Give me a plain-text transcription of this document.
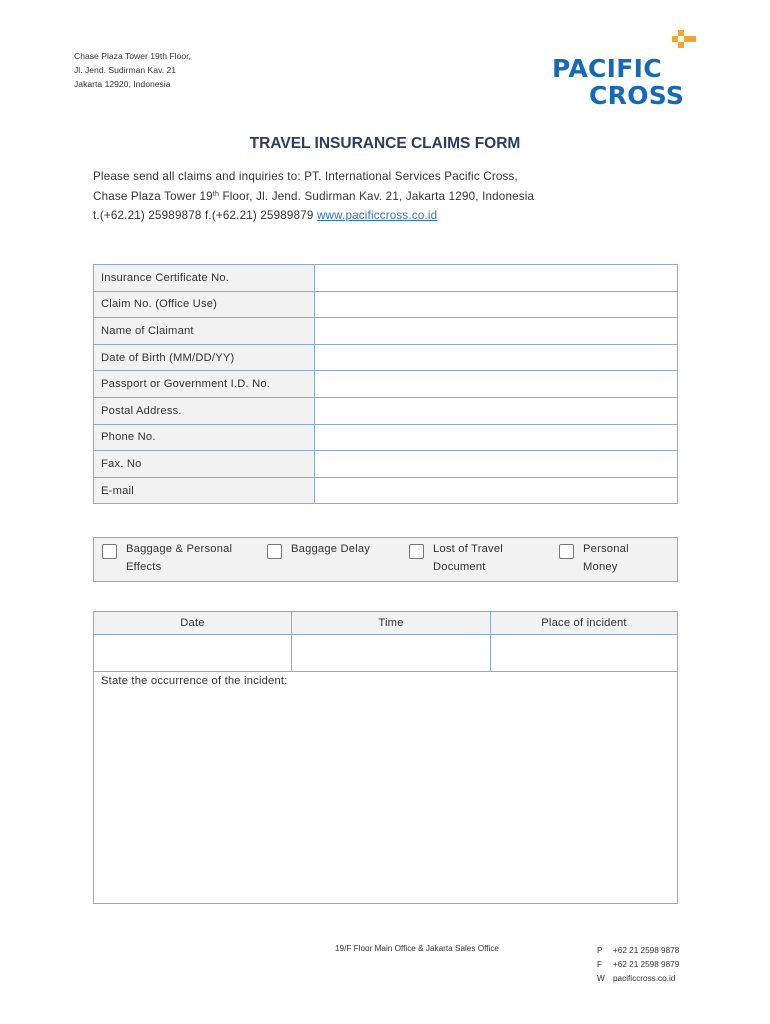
Chase Plaza Tower 19th Floor,
Jl. Jend. Sudirman Kav. 21
Jakarta 12920, Indonesia
PACIFIC
CROSS
TRAVEL INSURANCE CLAIMS FORM
Please send all claims and inquiries to: PT. International Services Pacific Cross,
Chase Plaza Tower 19th Floor, Jl. Jend. Sudirman Kav. 21, Jakarta 1290, Indonesia
t.(+62.21) 25989878 f.(+62.21) 25989879 www.pacificcross.co.id
Insurance Certificate No.	
Claim No. (Office Use)	
Name of Claimant	
Date of Birth (MM/DD/YY)	
Passport or Government I.D. No.	
Postal Address.	
Phone No.	
Fax. No	
E-mail	
Baggage & Personal
Effects
Baggage Delay	Lost of Travel
Document
Personal
Money
Date	Time	Place of incident

State the occurrence of the incident:		
19/F Floor Main Office & Jakarta Sales Office	P +62 21 2598 9878
F +62 21 2598 9879
W pacificcross.co.id
